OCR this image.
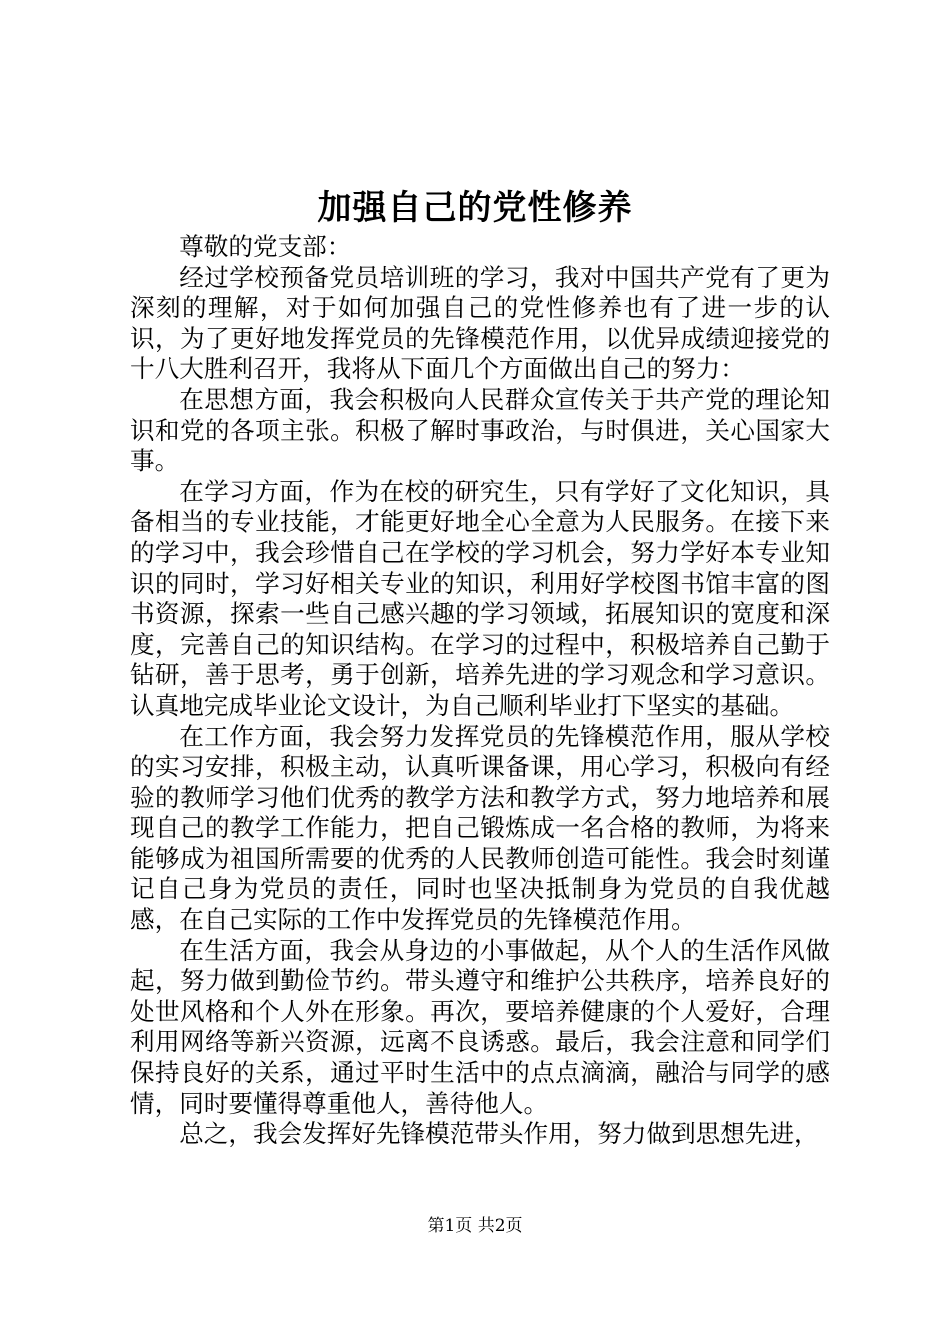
加强自己的党性修养

尊敬的党支部：

经过学校预备党员培训班的学习，我对中国共产党有了更为深刻的理解，对于如何加强自己的党性修养也有了进一步的认识，为了更好地发挥党员的先锋模范作用，以优异成绩迎接党的十八大胜利召开，我将从下面几个方面做出自己的努力：

在思想方面，我会积极向人民群众宣传关于共产党的理论知识和党的各项主张。积极了解时事政治，与时俱进，关心国家大事。

在学习方面，作为在校的研究生，只有学好了文化知识，具备相当的专业技能，才能更好地全心全意为人民服务。在接下来的学习中，我会珍惜自己在学校的学习机会，努力学好本专业知识的同时，学习好相关专业的知识，利用好学校图书馆丰富的图书资源，探索一些自己感兴趣的学习领域，拓展知识的宽度和深度，完善自己的知识结构。在学习的过程中，积极培养自己勤于钻研，善于思考，勇于创新，培养先进的学习观念和学习意识。认真地完成毕业论文设计，为自己顺利毕业打下坚实的基础。

在工作方面，我会努力发挥党员的先锋模范作用，服从学校的实习安排，积极主动，认真听课备课，用心学习，积极向有经验的教师学习他们优秀的教学方法和教学方式，努力地培养和展现自己的教学工作能力，把自己锻炼成一名合格的教师，为将来能够成为祖国所需要的优秀的人民教师创造可能性。我会时刻谨记自己身为党员的责任，同时也坚决抵制身为党员的自我优越感，在自己实际的工作中发挥党员的先锋模范作用。

在生活方面，我会从身边的小事做起，从个人的生活作风做起，努力做到勤俭节约。带头遵守和维护公共秩序，培养良好的处世风格和个人外在形象。再次，要培养健康的个人爱好，合理利用网络等新兴资源，远离不良诱惑。最后，我会注意和同学们保持良好的关系，通过平时生活中的点点滴滴，融洽与同学的感情，同时要懂得尊重他人，善待他人。

总之，我会发挥好先锋模范带头作用，努力做到思想先进，

第1页 共2页
